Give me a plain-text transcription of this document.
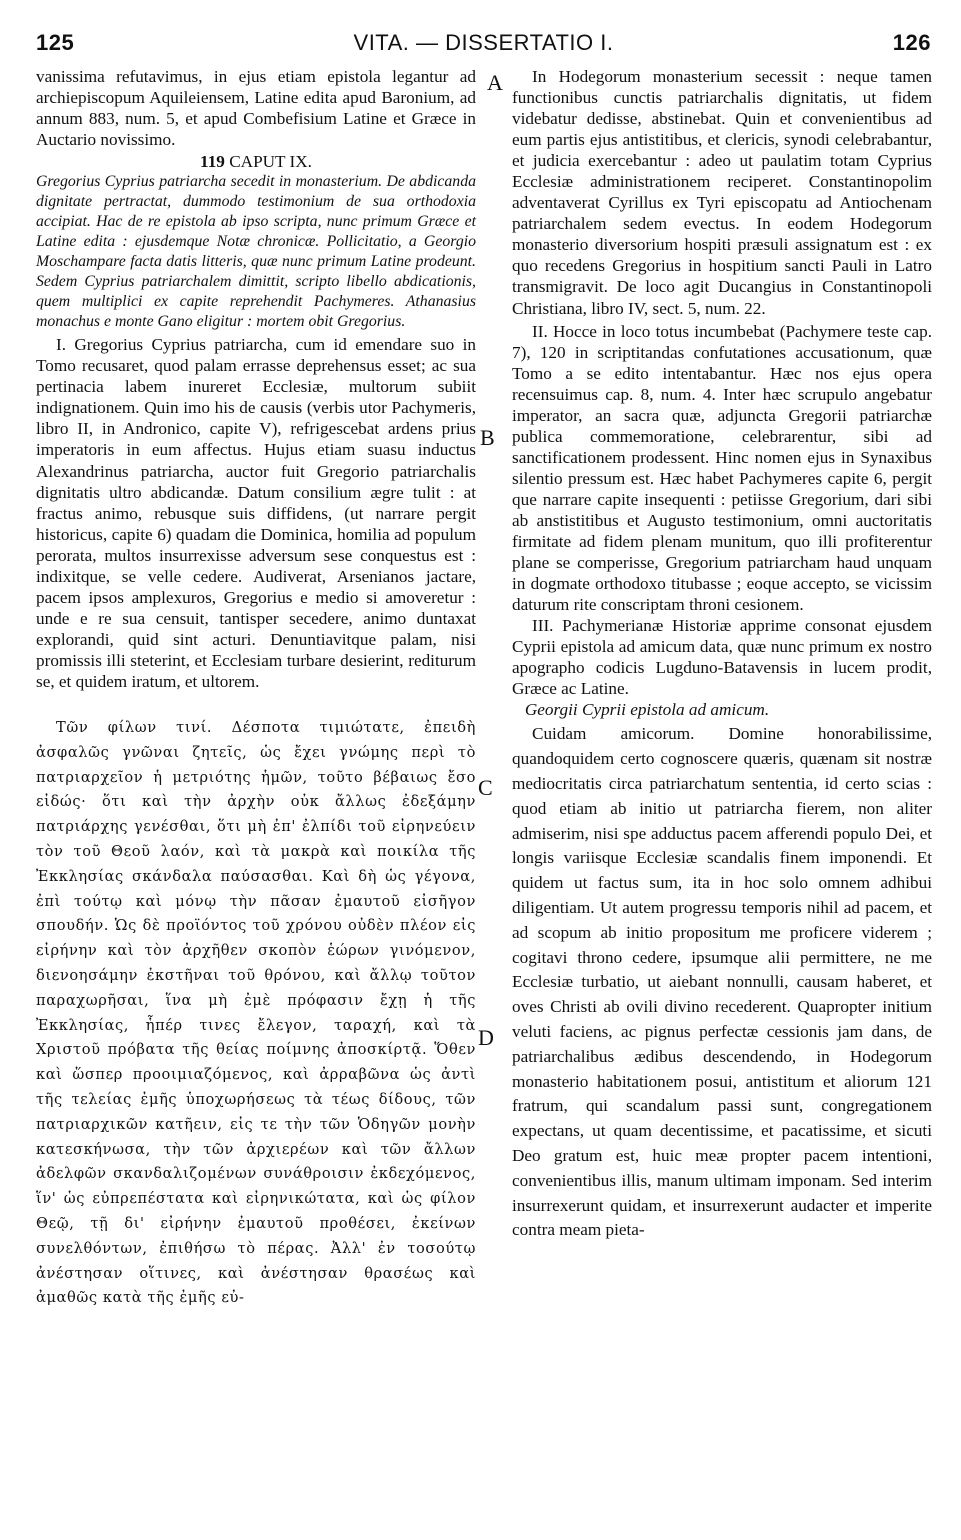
125	VITA. — DISSERTATIO I.	126
A
B
C
D

vanissima refutavimus, in ejus etiam epistola legantur ad archiepiscopum Aquileiensem, Latine edita apud Baronium, ad annum 883, num. 5, et apud Combefisium Latine et Græce in Auctario novissimo.

119 CAPUT IX.

Gregorius Cyprius patriarcha secedit in monasterium. De abdicanda dignitate pertractat, dummodo testimonium de sua orthodoxia accipiat. Hac de re epistola ab ipso scripta, nunc primum Græce et Latine edita : ejusdemque Notæ chronicæ. Pollicitatio, a Georgio Moschampare facta datis litteris, quæ nunc primum Latine prodeunt. Sedem Cyprius patriarchalem dimittit, scripto libello abdicationis, quem multiplici ex capite reprehendit Pachymeres. Athanasius monachus e monte Gano eligitur : mortem obit Gregorius.

I. Gregorius Cyprius patriarcha, cum id emendare suo in Tomo recusaret, quod palam errasse deprehensus esset; ac sua pertinacia labem inureret Ecclesiæ, multorum subiit indignationem. Quin imo his de causis (verbis utor Pachymeris, libro II, in Andronico, capite V), refrigescebat ardens prius imperatoris in eum affectus. Hujus etiam suasu inductus Alexandrinus patriarcha, auctor fuit Gregorio patriarchalis dignitatis ultro abdicandæ. Datum consilium ægre tulit : at fractus animo, rebusque suis diffidens, (ut narrare pergit historicus, capite 6) quadam die Dominica, homilia ad populum perorata, multos insurrexisse adversum sese conquestus est : indixitque, se velle cedere. Audiverat, Arsenianos jactare, pacem ipsos amplexuros, Gregorius e medio si amoveretur : unde e re sua censuit, tantisper secedere, animo duntaxat explorandi, quid sint acturi. Denuntiavitque palam, nisi promissis illi steterint, et Ecclesiam turbare desierint, rediturum se, et quidem iratum, et ultorem.

Τῶν φίλων τινί. Δέσποτα τιμιώτατε, ἐπειδὴ ἀσφαλῶς γνῶναι ζητεῖς, ὡς ἔχει γνώμης περὶ τὸ πατριαρχεῖον ἡ μετριότης ἡμῶν, τοῦτο βέβαιως ἔσο εἰδώς· ὅτι καὶ τὴν ἀρχὴν οὐκ ἄλλως ἐδεξάμην πατριάρχης γενέσθαι, ὅτι μὴ ἐπ' ἐλπίδι τοῦ εἰρηνεύειν τὸν τοῦ Θεοῦ λαόν, καὶ τὰ μακρὰ καὶ ποικίλα τῆς Ἐκκλησίας σκάνδαλα παύσασθαι. Καὶ δὴ ὡς γέγονα, ἐπὶ τούτῳ καὶ μόνῳ τὴν πᾶσαν ἐμαυτοῦ εἰσῆγον σπουδήν. Ὡς δὲ προϊόντος τοῦ χρόνου οὐδὲν πλέον εἰς εἰρήνην καὶ τὸν ἀρχῆθεν σκοπὸν ἑώρων γινόμενον, διενοησάμην ἐκστῆναι τοῦ θρόνου, καὶ ἄλλῳ τοῦτον παραχωρῆσαι, ἵνα μὴ ἐμὲ πρόφασιν ἔχῃ ἡ τῆς Ἐκκλησίας, ἧπέρ τινες ἔλεγον, ταραχή, καὶ τὰ Χριστοῦ πρόβατα τῆς θείας ποίμνης ἀποσκίρτᾷ. Ὅθεν καὶ ὥσπερ προοιμιαζόμενος, καὶ ἀρραβῶνα ὡς ἀντὶ τῆς τελείας ἐμῆς ὑποχωρήσεως τὰ τέως δίδους, τῶν πατριαρχικῶν κατῆειν, εἰς τε τὴν τῶν Ὁδηγῶν μονὴν κατεσκήνωσα, τὴν τῶν ἀρχιερέων καὶ τῶν ἄλλων ἀδελφῶν σκανδαλιζομένων συνάθροισιν ἐκδεχόμενος, ἵν' ὡς εὐπρεπέστατα καὶ εἰρηνικώτατα, καὶ ὡς φίλον Θεῷ, τῇ δι' εἰρήνην ἐμαυτοῦ προθέσει, ἐκείνων συνελθόντων, ἐπιθήσω τὸ πέρας. Ἀλλ' ἐν τοσούτῳ ἀνέστησαν οἵτινες, καὶ ἀνέστησαν θρασέως καὶ ἀμαθῶς κατὰ τῆς ἐμῆς εὐ-

In Hodegorum monasterium secessit : neque tamen functionibus cunctis patriarchalis dignitatis, ut fidem videbatur dedisse, abstinebat. Quin et convenientibus ad eum partis ejus antistitibus, et clericis, synodi celebrabantur, et judicia exercebantur : adeo ut paulatim totam Cyprius Ecclesiæ administrationem reciperet. Constantinopolim adventaverat Cyrillus ex Tyri episcopatu ad Antiochenam patriarchalem sedem evectus. In eodem Hodegorum monasterio diversorium hospiti præsuli assignatum est : ex quo recedens Gregorius in hospitium sancti Pauli in Latro transmigravit. De loco agit Ducangius in Constantinopoli Christiana, libro IV, sect. 5, num. 22.

II. Hocce in loco totus incumbebat (Pachymere teste cap. 7), 120 in scriptitandas confutationes accusationum, quæ Tomo a se edito intentabantur. Hæc nos ejus opera recensuimus cap. 8, num. 4. Inter hæc scrupulo angebatur imperator, an sacra quæ, adjuncta Gregorii patriarchæ publica commemoratione, celebrarentur, sibi ad sanctificationem prodessent. Hinc nomen ejus in Synaxibus silentio pressum est. Hæc habet Pachymeres capite 6, pergit que narrare capite insequenti : petiisse Gregorium, dari sibi ab anstistitibus et Augusto testimonium, omni auctoritatis firmitate ad fidem plenam munitum, quo illi profiterentur plane se comperisse, Gregorium patriarcham haud unquam in dogmate orthodoxo titubasse ; eoque accepto, se vicissim daturum rite conscriptam throni cesionem.

III. Pachymerianæ Historiæ apprime consonat ejusdem Cyprii epistola ad amicum data, quæ nunc primum ex nostro apographo codicis Lugduno-Batavensis in lucem prodit, Græce ac Latine.

Georgii Cyprii epistola ad amicum.

Cuidam amicorum. Domine honorabilissime, quandoquidem certo cognoscere quæris, quænam sit nostræ mediocritatis circa patriarchatum sententia, id certo scias : quod etiam ab initio ut patriarcha fierem, non aliter admiserim, nisi spe adductus pacem afferendi populo Dei, et longis variisque Ecclesiæ scandalis finem imponendi. Et quidem ut factus sum, ita in hoc solo omnem adhibui diligentiam. Ut autem progressu temporis nihil ad pacem, et ad scopum ab initio propositum me proficere viderem ; cogitavi throno cedere, ipsumque alii permittere, ne me Ecclesiæ turbatio, ut aiebant nonnulli, causam haberet, et oves Christi ab ovili divino recederent. Quapropter initium veluti faciens, ac pignus perfectæ cessionis jam dans, de patriarchalibus ædibus descendendo, in Hodegorum monasterio habitationem posui, antistitum et aliorum 121 fratrum, qui scandalum passi sunt, congregationem expectans, ut quam decentissime, et pacatissime, et sicuti Deo gratum est, huic meæ propter pacem intentioni, convenientibus illis, manum ultimam imponam. Sed interim insurrexerunt quidam, et insurrexerunt audacter et imperite contra meam pieta-
